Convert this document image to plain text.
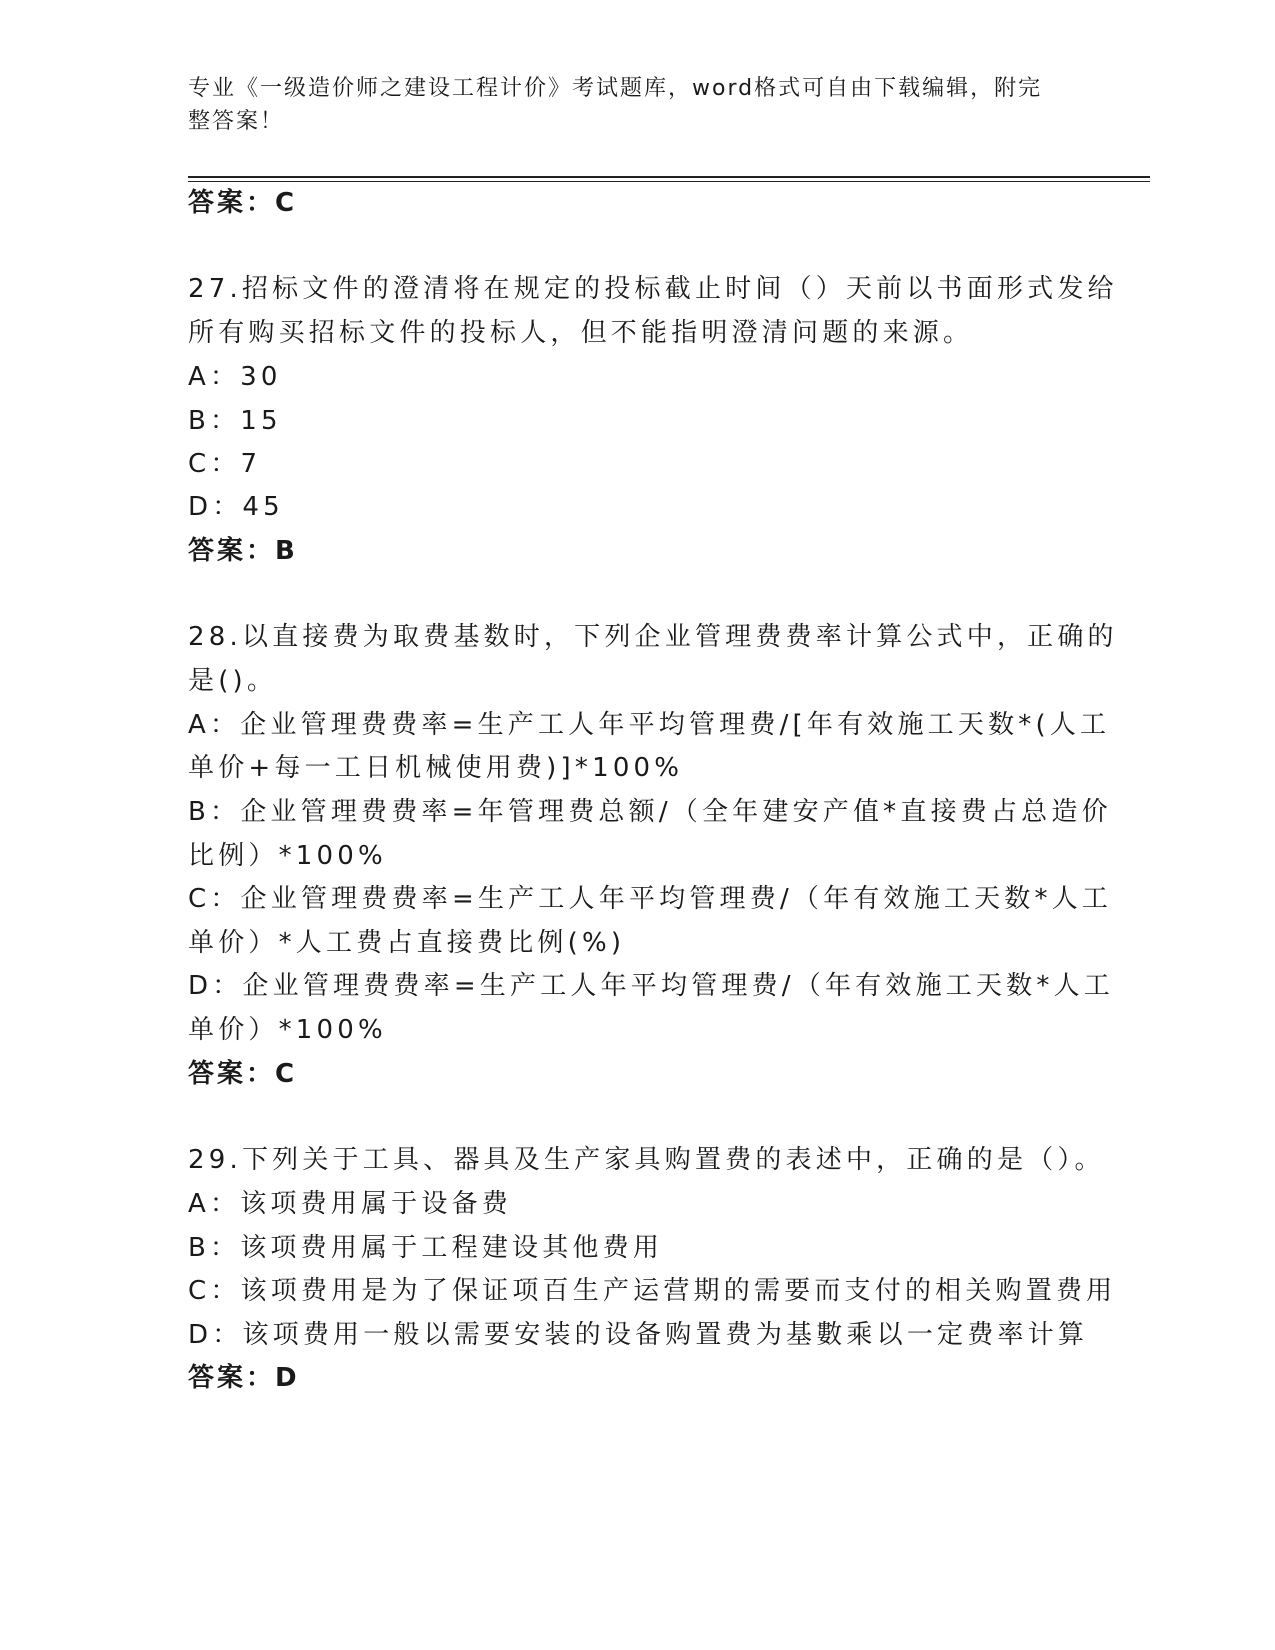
专业《一级造价师之建设工程计价》考试题库，word格式可自由下载编辑，附完
整答案！
答案：C
27.招标文件的澄清将在规定的投标截止时间（）天前以书面形式发给
所有购买招标文件的投标人，但不能指明澄清问题的来源。
A：30
B：15
C：7
D：45
答案：B
28.以直接费为取费基数时，下列企业管理费费率计算公式中，正确的
是()。
A：企业管理费费率=生产工人年平均管理费/[年有效施工天数*(人工
单价+每一工日机械使用费)]*100%
B：企业管理费费率=年管理费总额/（全年建安产值*直接费占总造价
比例）*100%
C：企业管理费费率=生产工人年平均管理费/（年有效施工天数*人工
单价）*人工费占直接费比例(%)
D：企业管理费费率=生产工人年平均管理费/（年有效施工天数*人工
单价）*100%
答案：C
29.下列关于工具、器具及生产家具购置费的表述中，正确的是（）。
A：该项费用属于设备费
B：该项费用属于工程建设其他费用
C：该项费用是为了保证项百生产运营期的需要而支付的相关购置费用
D：该项费用一般以需要安装的设备购置费为基數乘以一定费率计算
答案：D
